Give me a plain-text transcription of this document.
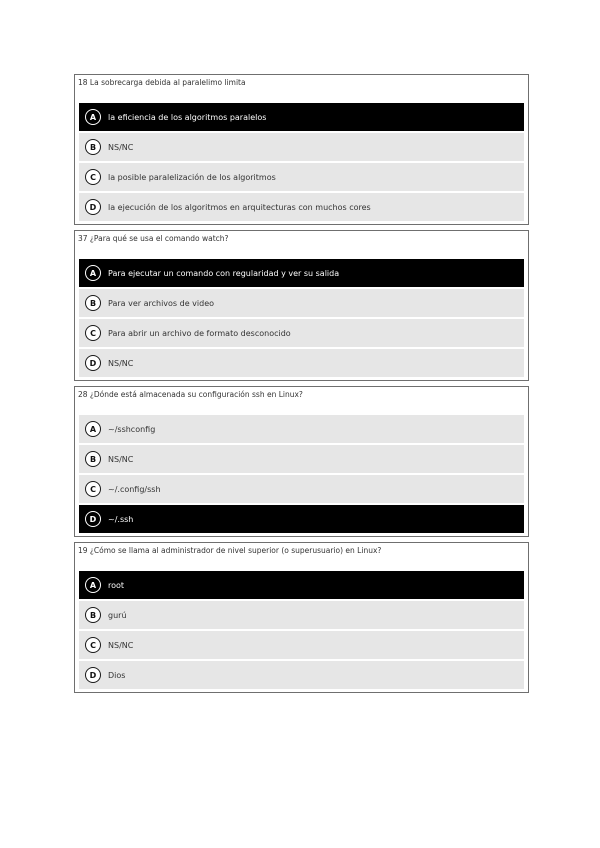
18 La sobrecarga debida al paralelimo limita
A	la eficiencia de los algoritmos paralelos
B	NS/NC
C	la posible paralelización de los algoritmos
D	la ejecución de los algoritmos en arquitecturas con muchos cores
37 ¿Para qué se usa el comando watch?
A	Para ejecutar un comando con regularidad y ver su salida
B	Para ver archivos de video
C	Para abrir un archivo de formato desconocido
D	NS/NC
28 ¿Dónde está almacenada su configuración ssh en Linux?
A	~/sshconfig
B	NS/NC
C	~/.config/ssh
D	~/.ssh
19 ¿Cómo se llama al administrador de nivel superior (o superusuario) en Linux?
A	root
B	gurú
C	NS/NC
D	Dios
